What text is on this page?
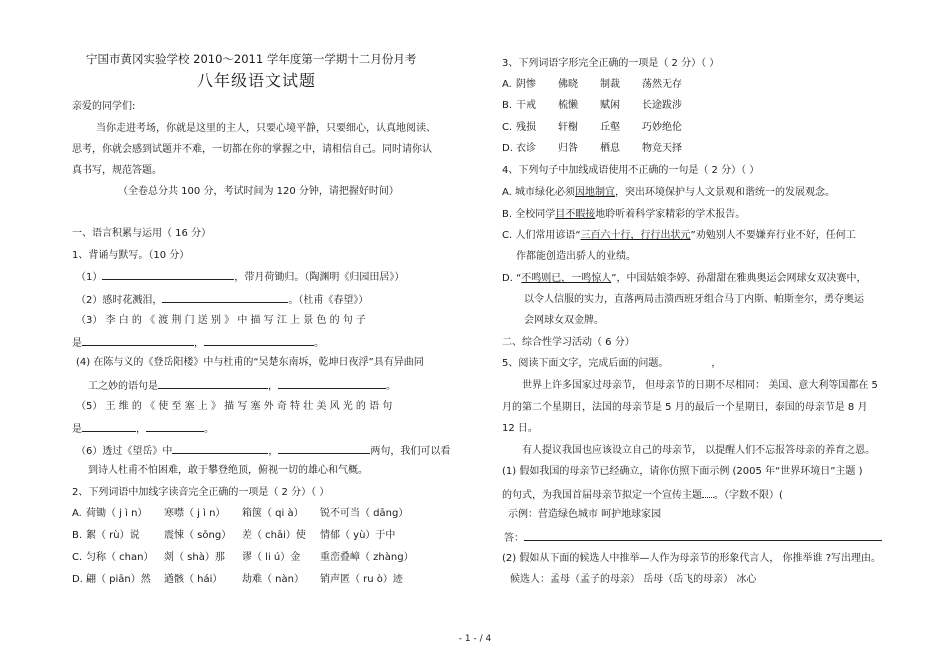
宁国市黄冈实验学校 2010～2011 学年度第一学期十二月份月考
八年级语文试题
亲爱的同学们:
当你走进考场，你就是这里的主人，只要心境平静，只要细心，认真地阅读、
思考，你就会感到试题并不难，一切都在你的掌握之中，请相信自己。同时请你认
真书写，规范答题。
（全卷总分共 100 分，考试时间为 120 分钟，请把握好时间）
一、语言积累与运用（ 16 分）
1、背诵与默写。（10 分）
（1）	，带月荷锄归。（陶渊明《归园田居》）
（2）感时花溅泪，	。（杜甫《春望》）
（3） 李 白 的 《 渡 荆 门 送 别 》 中 描 写 江 上 景 色 的 句 子
是	，	。
(4) 在陈与义的《登岳阳楼》中与杜甫的“吴楚东南坼，乾坤日夜浮”具有异曲同
工之妙的语句是	，	。
（5） 王 维 的 《 使 至 塞 上 》 描 写 塞 外 奇 特 壮 美 风 光 的 语 句
是	，	。
（6）透过《望岳》中	，	两句，我们可以看
到诗人杜甫不怕困难，敢于攀登绝顶，俯视一切的雄心和气概。
2、下列词语中加线字读音完全正确的一项是（ 2 分）（ ）
A. 荷锄（ j ì n） 寒噤（ j ì n） 箱箧（ qi à） 锐不可当（ dāng）
B. 絮（ rù）说 震悚（ sōng） 差（ chāi）使 情郁（ yù）于中
C. 匀称（ chan） 剡（ shà）那 谬（ li ú）金 重峦叠嶂（ zhàng）
D. 翩（ piān）然 遒骸（ hái） 劫难（ nàn） 销声匿（ ru ò）迹
3、下列词语字形完全正确的一项是（ 2 分）（ ）
A. 阴惨 佛晓 制裁 荡然无存
B. 干戒 梳懒 赋闲 长途跋涉
C. 残损 轩榭 丘壑 巧妙绝伦
D. 衣诊 归咎 栖息 物竞天择
4、下列句子中加线成语使用不正确的一句是（ 2 分）（ ）
A. 城市绿化必须因地制宜，突出环境保护与人文景观和谐统一的发展观念。
B. 全校同学目不暇接地聆听着科学家精彩的学术报告。
C. 人们常用谚语“三百六十行，行行出状元”劝勉别人不要嫌弃行业不好，任何工
作都能创造出骄人的业绩。
D. “不鸣则已，一鸣惊人”，中国姑娘李婷、孙甜甜在雅典奥运会网球女双决赛中，
以令人信服的实力，直落两局击溃西班牙组合马丁内斯、帕斯奎尔，勇夺奥运
会网球女双金牌。
二、综合性学习活动（ 6 分）
5、阅读下面文字，完成后面的问题。	，
世界上许多国家过母亲节， 但母亲节的日期不尽相同： 美国、意大利等国都在 5
月的第二个星期日，法国的母亲节是 5 月的最后一个星期日，泰国的母亲节是 8 月
12 日。
有人提议我国也应该设立自己的母亲节， 以提醒人们不忘报答母亲的养育之恩。
(1) 假如我国的母亲节已经确立，请你仿照下面示例 (2005 年“世界环境日”主题 )
的句式，为我国首届母亲节拟定一个宣传主题 。（字数不限）(
示例：营造绿色城市 呵护地球家园
答：
(2) 假如从下面的候选人中推举—人作为母亲节的形象代言人， 你推举谁 ?写出理由。
候选人：孟母（孟子的母亲） 岳母（岳飞的母亲） 冰心
- 1 - / 4
